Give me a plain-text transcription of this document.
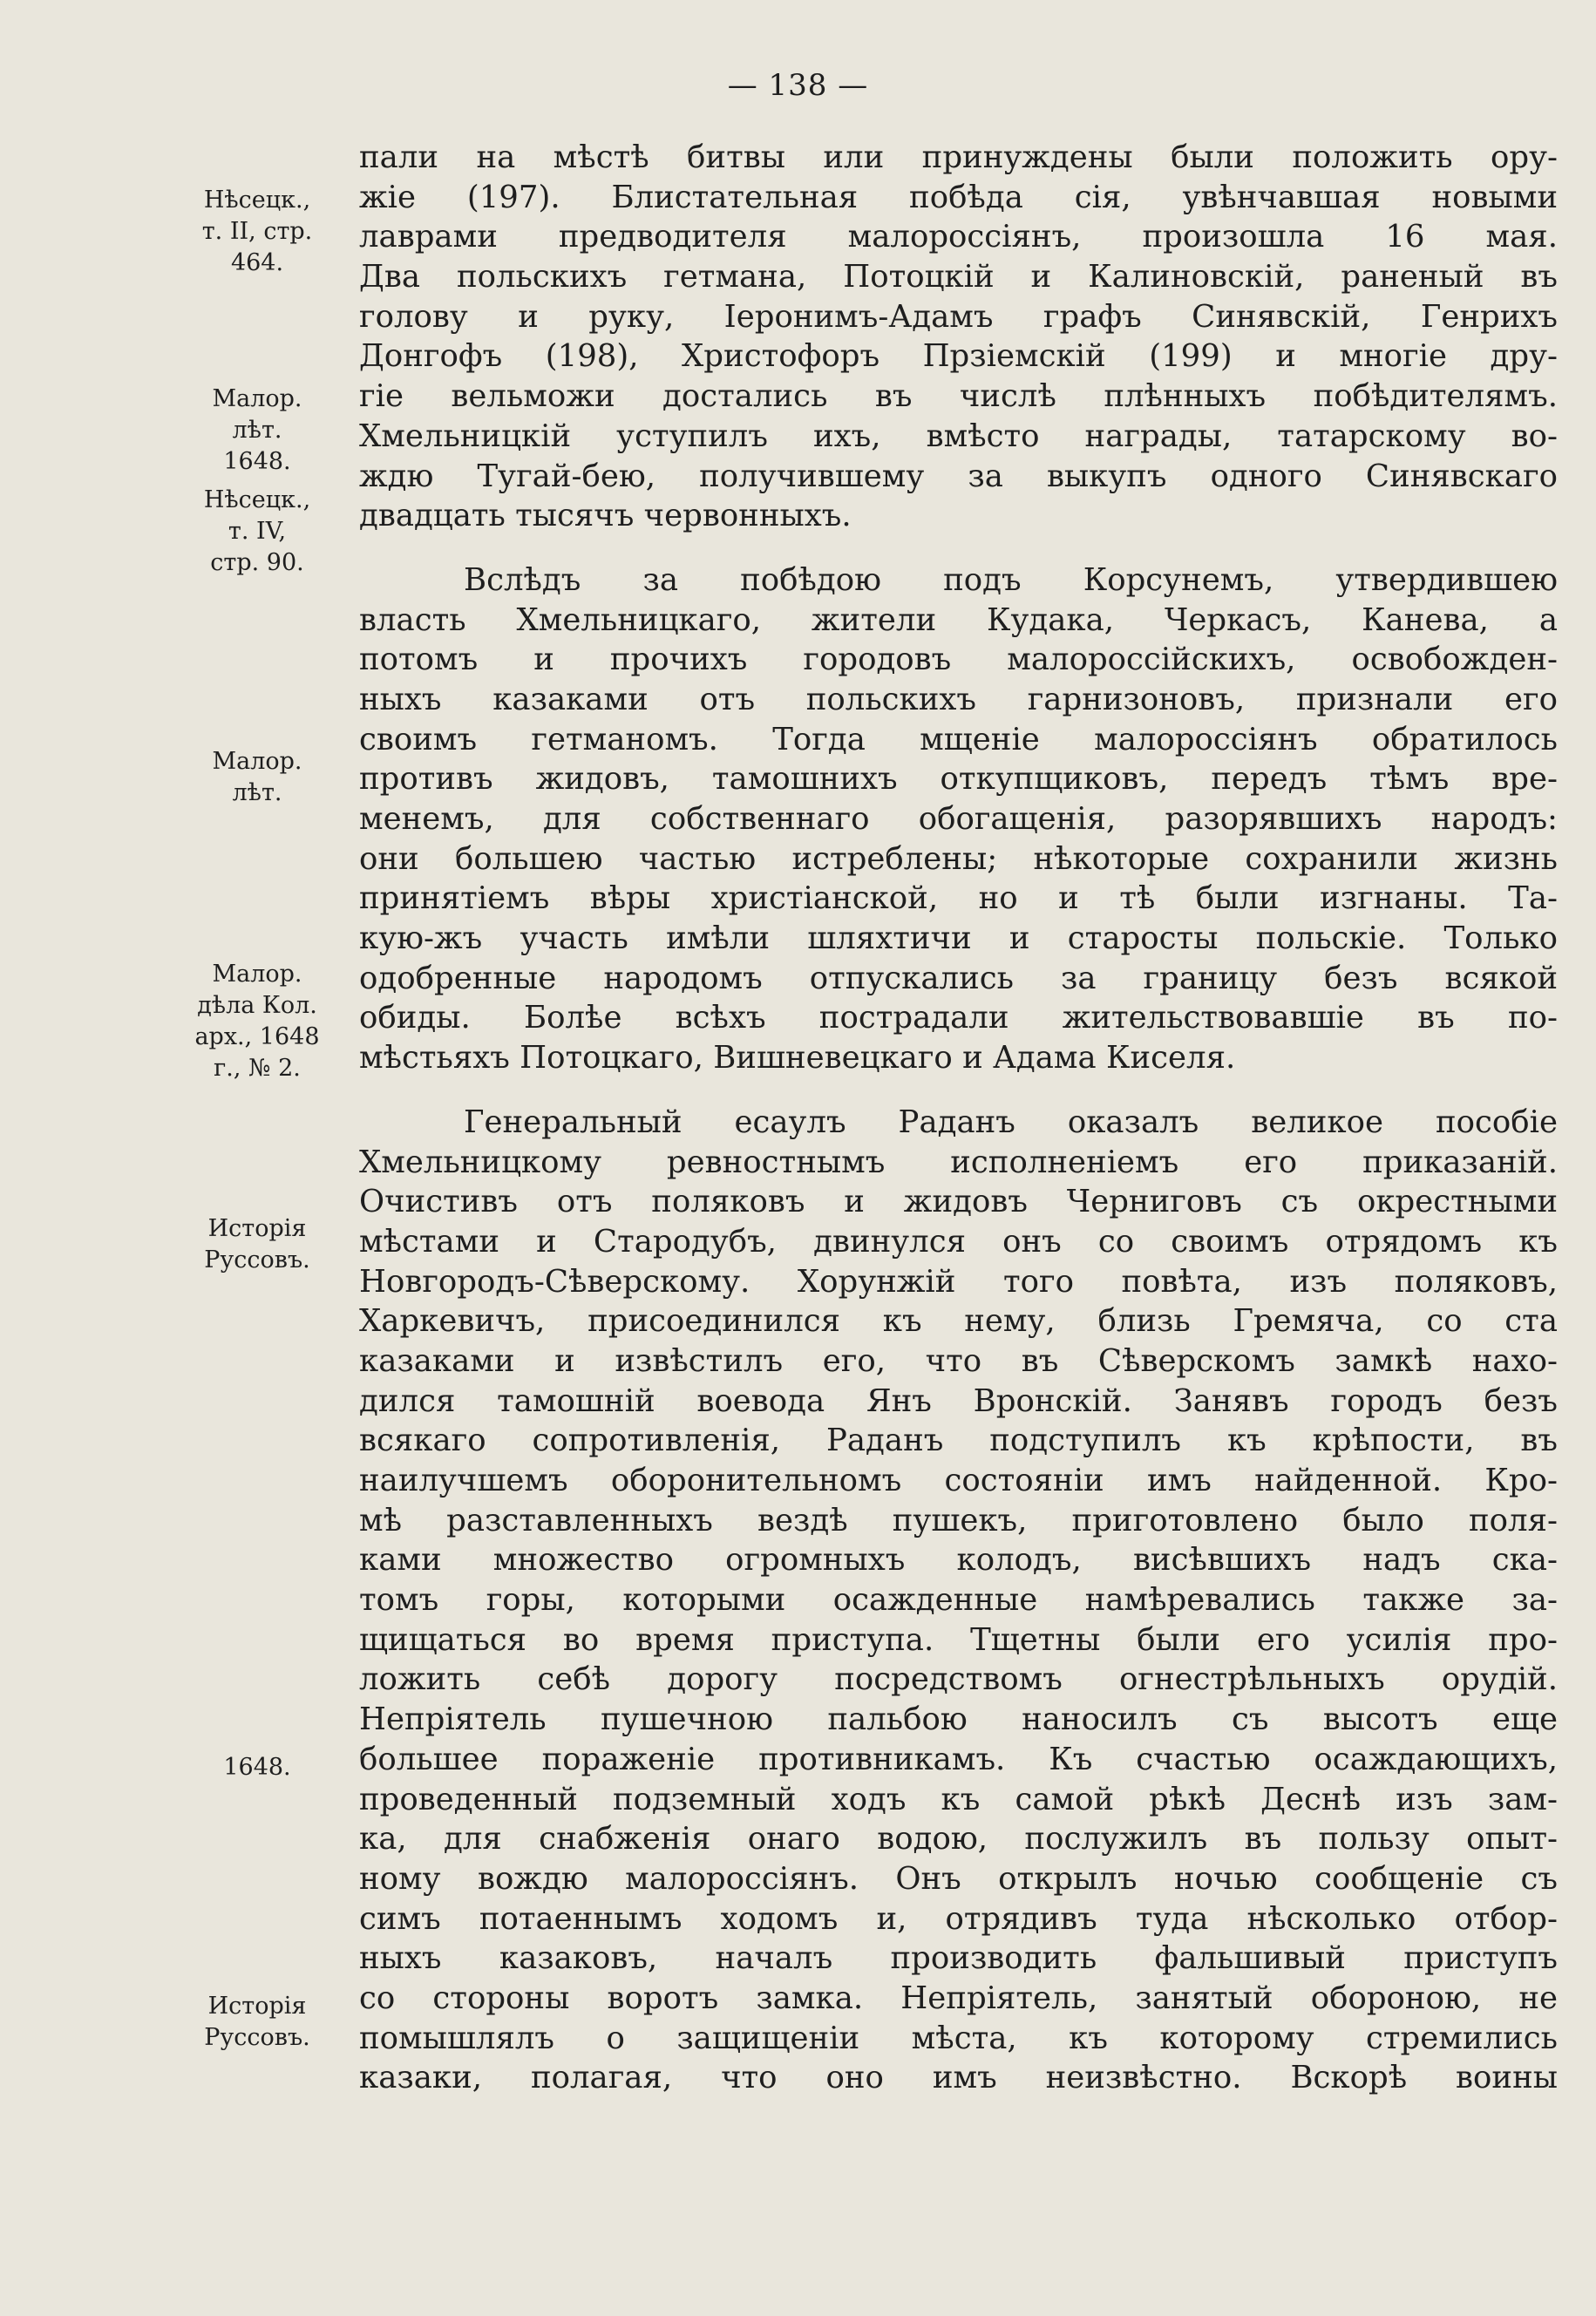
— 138 —
Нѣсецк.,
т. II, стр.
464.
Малор.
лѣт.
1648.
Нѣсецк.,
т. IV,
стр. 90.
Малор.
лѣт.
Малор.
дѣла Кол.
арх., 1648
г., № 2.
Исторія
Руссовъ.
1648.
Исторія
Руссовъ.
пали на мѣстѣ битвы или принуждены были положить ору-
жіе (197). Блистательная побѣда сія, увѣнчавшая новыми
лаврами предводителя малороссіянъ, произошла 16 мая.
Два польскихъ гетмана, Потоцкій и Калиновскій, раненый въ
голову и руку, Іеронимъ-Адамъ графъ Синявскій, Генрихъ
Донгофъ (198), Христофоръ Прзіемскій (199) и многіе дру-
гіе вельможи достались въ числѣ плѣнныхъ побѣдителямъ.
Хмельницкій уступилъ ихъ, вмѣсто награды, татарскому во-
ждю Тугай-бею, получившему за выкупъ одного Синявскаго
двадцать тысячъ червонныхъ.
Вслѣдъ за побѣдою подъ Корсунемъ, утвердившею
власть Хмельницкаго, жители Кудака, Черкасъ, Канева, а
потомъ и прочихъ городовъ малороссійскихъ, освобожден-
ныхъ казаками отъ польскихъ гарнизоновъ, признали его
своимъ гетманомъ. Тогда мщеніе малороссіянъ обратилось
противъ жидовъ, тамошнихъ откупщиковъ, передъ тѣмъ вре-
менемъ, для собственнаго обогащенія, разорявшихъ народъ:
они большею частью истреблены; нѣкоторые сохранили жизнь
принятіемъ вѣры христіанской, но и тѣ были изгнаны. Та-
кую-жъ участь имѣли шляхтичи и старосты польскіе. Только
одобренные народомъ отпускались за границу безъ всякой
обиды. Болѣе всѣхъ пострадали жительствовавшіе въ по-
мѣстьяхъ Потоцкаго, Вишневецкаго и Адама Киселя.
Генеральный есаулъ Раданъ оказалъ великое пособіе
Хмельницкому ревностнымъ исполненіемъ его приказаній.
Очистивъ отъ поляковъ и жидовъ Черниговъ съ окрестными
мѣстами и Стародубъ, двинулся онъ со своимъ отрядомъ къ
Новгородъ-Сѣверскому. Хорунжій того повѣта, изъ поляковъ,
Харкевичъ, присоединился къ нему, близь Гремяча, со ста
казаками и извѣстилъ его, что въ Сѣверскомъ замкѣ нахо-
дился тамошній воевода Янъ Вронскій. Занявъ городъ безъ
всякаго сопротивленія, Раданъ подступилъ къ крѣпости, въ
наилучшемъ оборонительномъ состояніи имъ найденной. Кро-
мѣ разставленныхъ вездѣ пушекъ, приготовлено было поля-
ками множество огромныхъ колодъ, висѣвшихъ надъ ска-
томъ горы, которыми осажденные намѣревались также за-
щищаться во время приступа. Тщетны были его усилія про-
ложить себѣ дорогу посредствомъ огнестрѣльныхъ орудій.
Непріятель пушечною пальбою наносилъ съ высотъ еще
большее пораженіе противникамъ. Къ счастью осаждающихъ,
проведенный подземный ходъ къ самой рѣкѣ Деснѣ изъ зам-
ка, для снабженія онаго водою, послужилъ въ пользу опыт-
ному вождю малороссіянъ. Онъ открылъ ночью сообщеніе съ
симъ потаеннымъ ходомъ и, отрядивъ туда нѣсколько отбор-
ныхъ казаковъ, началъ производить фальшивый приступъ
со стороны воротъ замка. Непріятель, занятый обороною, не
помышлялъ о защищеніи мѣста, къ которому стремились
казаки, полагая, что оно имъ неизвѣстно. Вскорѣ воины
